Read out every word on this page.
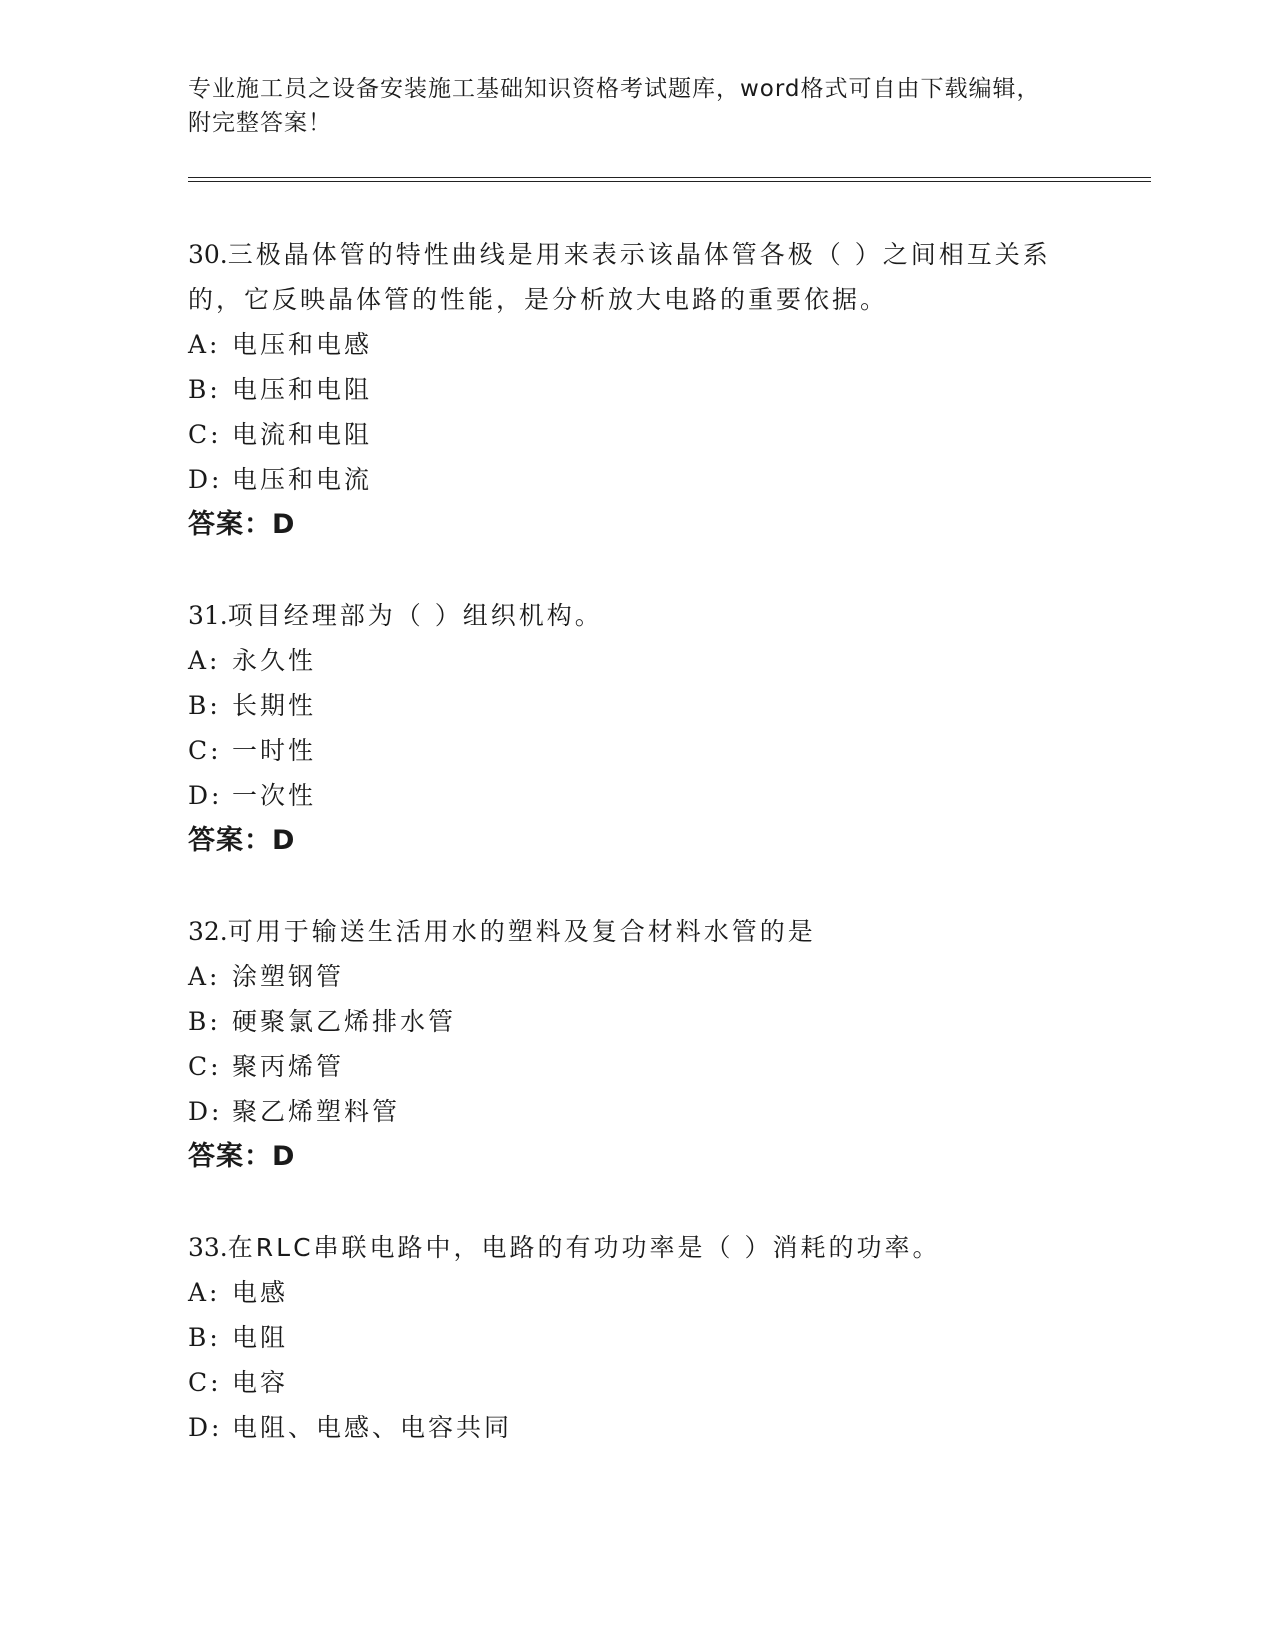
专业施工员之设备安装施工基础知识资格考试题库，word格式可自由下载编辑，
附完整答案！
30.三极晶体管的特性曲线是用来表示该晶体管各极（ ）之间相互关系的，它反映晶体管的性能，是分析放大电路的重要依据。
A: 电压和电感
B: 电压和电阻
C: 电流和电阻
D: 电压和电流
答案：D
31.项目经理部为（ ）组织机构。
A: 永久性
B: 长期性
C: 一时性
D: 一次性
答案：D
32.可用于输送生活用水的塑料及复合材料水管的是
A: 涂塑钢管
B: 硬聚氯乙烯排水管
C: 聚丙烯管
D: 聚乙烯塑料管
答案：D
33.在RLC串联电路中，电路的有功功率是（ ）消耗的功率。
A: 电感
B: 电阻
C: 电容
D: 电阻、电感、电容共同
